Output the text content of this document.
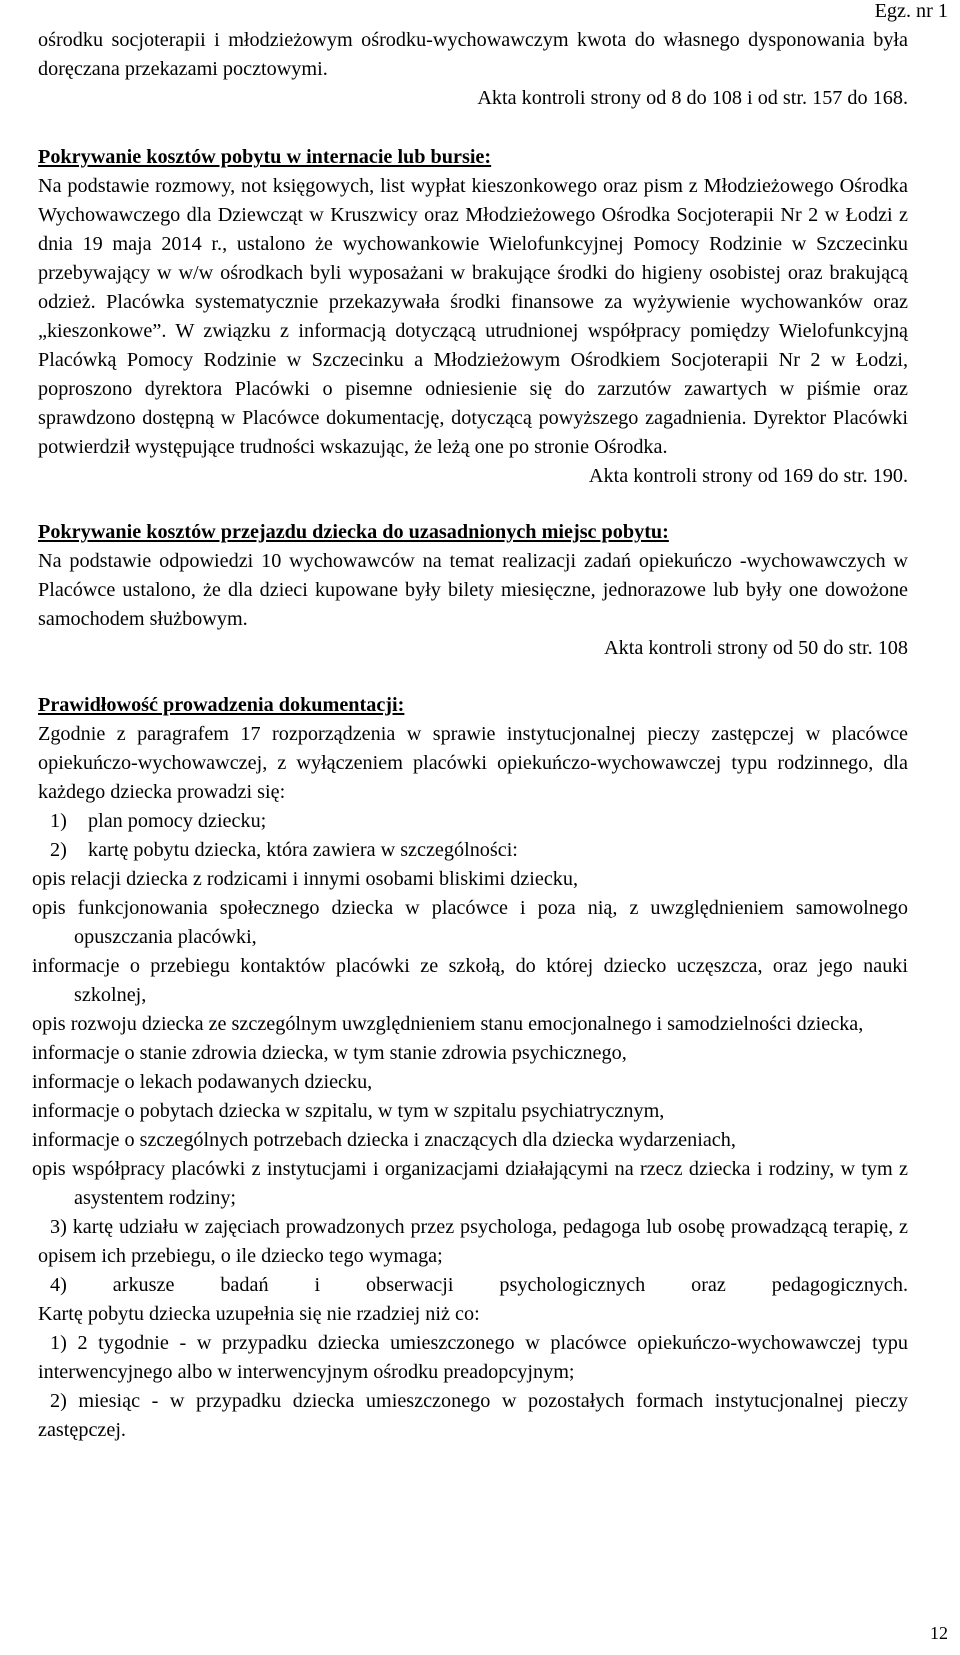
Egz. nr 1

ośrodku socjoterapii i młodzieżowym ośrodku-wychowawczym kwota do własnego dysponowania była doręczana przekazami pocztowymi.

Akta kontroli strony od 8 do 108 i od str. 157 do 168.

Pokrywanie kosztów pobytu w internacie lub bursie:

Na podstawie rozmowy, not księgowych, list wypłat kieszonkowego oraz pism z Młodzieżowego Ośrodka Wychowawczego dla Dziewcząt w Kruszwicy oraz Młodzieżowego Ośrodka Socjoterapii Nr 2 w Łodzi z dnia 19 maja 2014 r., ustalono że wychowankowie Wielofunkcyjnej Pomocy Rodzinie w Szczecinku przebywający w w/w ośrodkach byli wyposażani w brakujące środki do higieny osobistej oraz brakującą odzież. Placówka systematycznie przekazywała środki finansowe za wyżywienie wychowanków oraz „kieszonkowe”. W związku z informacją dotyczącą utrudnionej współpracy pomiędzy Wielofunkcyjną Placówką Pomocy Rodzinie w Szczecinku a Młodzieżowym Ośrodkiem Socjoterapii Nr 2 w Łodzi, poproszono dyrektora Placówki o pisemne odniesienie się do zarzutów zawartych w piśmie oraz sprawdzono dostępną w Placówce dokumentację, dotyczącą powyższego zagadnienia. Dyrektor Placówki potwierdził występujące trudności wskazując, że leżą one po stronie Ośrodka.

Akta kontroli strony od 169 do str. 190.

Pokrywanie kosztów przejazdu dziecka do uzasadnionych miejsc pobytu:

Na podstawie odpowiedzi 10 wychowawców na temat realizacji zadań opiekuńczo -wychowawczych w Placówce ustalono, że dla dzieci kupowane były bilety miesięczne, jednorazowe lub były one dowożone samochodem służbowym.

Akta kontroli strony od 50 do str. 108

Prawidłowość prowadzenia dokumentacji:

Zgodnie z paragrafem 17 rozporządzenia w sprawie instytucjonalnej pieczy zastępczej w placówce opiekuńczo-wychowawczej, z wyłączeniem placówki opiekuńczo-wychowawczej typu rodzinnego, dla każdego dziecka prowadzi się:

1) plan pomocy dziecku;

2) kartę pobytu dziecka, która zawiera w szczególności:

opis relacji dziecka z rodzicami i innymi osobami bliskimi dziecku,

opis funkcjonowania społecznego dziecka w placówce i poza nią, z uwzględnieniem samowolnego opuszczania placówki,

informacje o przebiegu kontaktów placówki ze szkołą, do której dziecko uczęszcza, oraz jego nauki szkolnej,

opis rozwoju dziecka ze szczególnym uwzględnieniem stanu emocjonalnego i samodzielności dziecka,

informacje o stanie zdrowia dziecka, w tym stanie zdrowia psychicznego,

informacje o lekach podawanych dziecku,

informacje o pobytach dziecka w szpitalu, w tym w szpitalu psychiatrycznym,

informacje o szczególnych potrzebach dziecka i znaczących dla dziecka wydarzeniach,

opis współpracy placówki z instytucjami i organizacjami działającymi na rzecz dziecka i rodziny, w tym z asystentem rodziny;

3) kartę udziału w zajęciach prowadzonych przez psychologa, pedagoga lub osobę prowadzącą terapię, z opisem ich przebiegu, o ile dziecko tego wymaga;

4) arkusze badań i obserwacji psychologicznych oraz pedagogicznych.

Kartę pobytu dziecka uzupełnia się nie rzadziej niż co:

1) 2 tygodnie - w przypadku dziecka umieszczonego w placówce opiekuńczo-wychowawczej typu interwencyjnego albo w interwencyjnym ośrodku preadopcyjnym;

2) miesiąc - w przypadku dziecka umieszczonego w pozostałych formach instytucjonalnej pieczy zastępczej.

12
